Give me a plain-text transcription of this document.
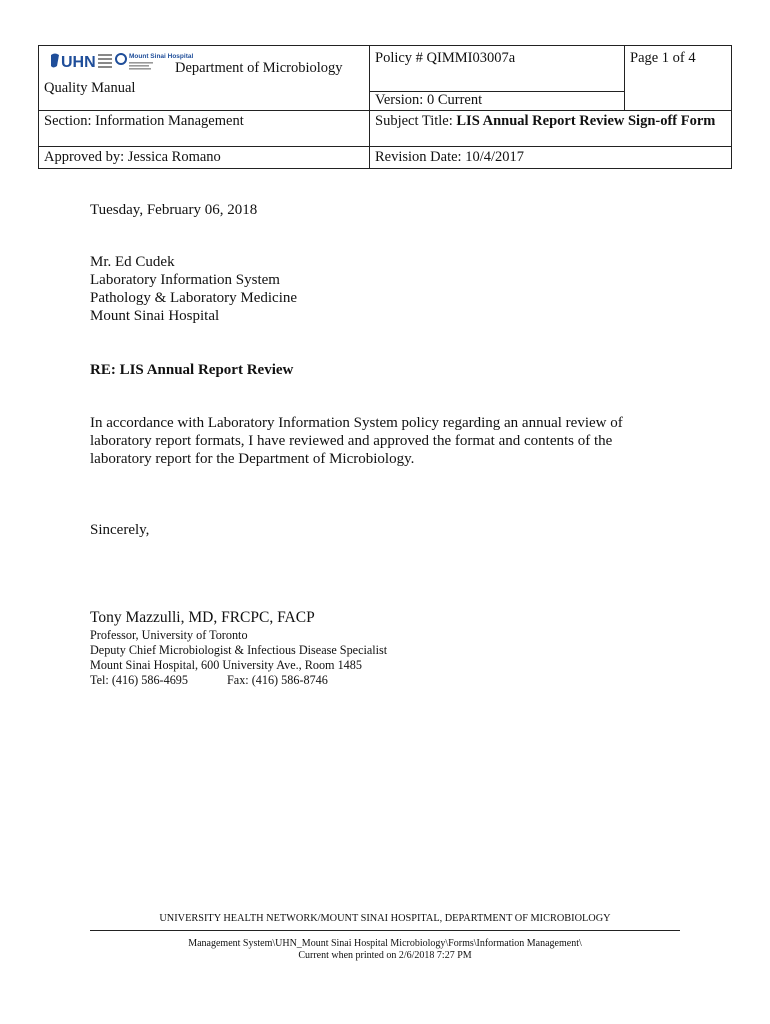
UHN Mount Sinai Hospital
Department of Microbiology
Quality Manual	Policy # QIMMI03007a	Page 1 of 4
	Version: 0 Current	
Section: Information Management	Subject Title: LIS Annual Report Review Sign-off Form	
Approved by: Jessica Romano	Revision Date: 10/4/2017	
Tuesday, February 06, 2018
Mr. Ed Cudek
Laboratory Information System
Pathology & Laboratory Medicine
Mount Sinai Hospital
RE: LIS Annual Report Review
In accordance with Laboratory Information System policy regarding an annual review of
laboratory report formats, I have reviewed and approved the format and contents of the
laboratory report for the Department of Microbiology.
Sincerely,
Tony Mazzulli, MD, FRCPC, FACP
Professor, University of Toronto
Deputy Chief Microbiologist & Infectious Disease Specialist
Mount Sinai Hospital, 600 University Ave., Room 1485
Tel: (416) 586-4695	Fax: (416) 586-8746
UNIVERSITY HEALTH NETWORK/MOUNT SINAI HOSPITAL, DEPARTMENT OF MICROBIOLOGY
Management System\UHN_Mount Sinai Hospital Microbiology\Forms\Information Management\
Current when printed on 2/6/2018 7:27 PM
